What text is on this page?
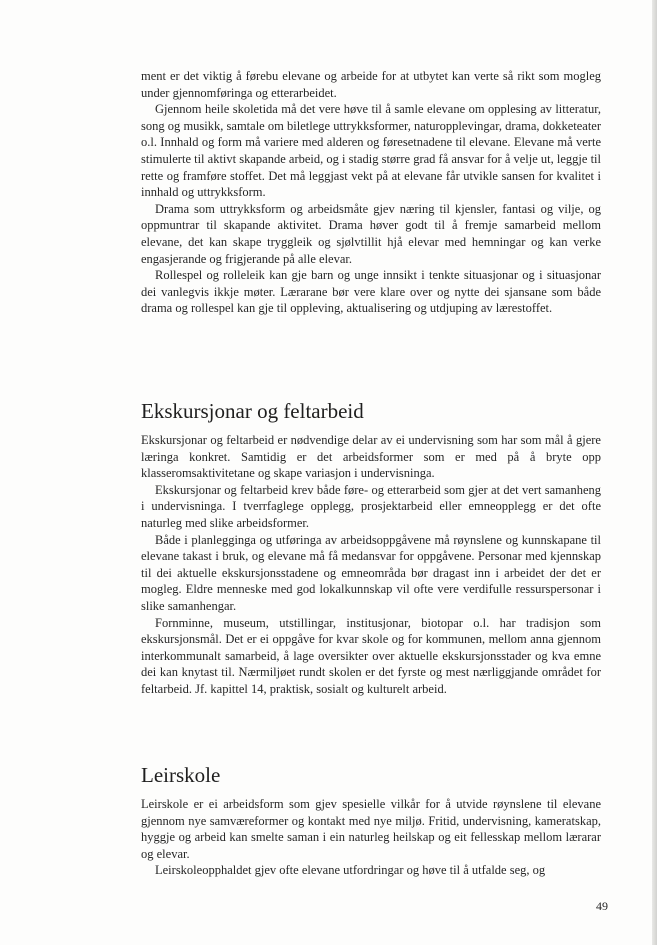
ment er det viktig å førebu elevane og arbeide for at utbytet kan verte så rikt som mogleg under gjennomføringa og etterarbeidet.

Gjennom heile skoletida må det vere høve til å samle elevane om opplesing av litteratur, song og musikk, samtale om biletlege uttrykksformer, naturopplevingar, drama, dokketeater o.l. Innhald og form må variere med alderen og føresetnadene til elevane. Elevane må verte stimulerte til aktivt skapande arbeid, og i stadig større grad få ansvar for å velje ut, leggje til rette og framføre stoffet. Det må leggjast vekt på at elevane får utvikle sansen for kvalitet i innhald og uttrykksform.

Drama som uttrykksform og arbeidsmåte gjev næring til kjensler, fantasi og vilje, og oppmuntrar til skapande aktivitet. Drama høver godt til å fremje samarbeid mellom elevane, det kan skape tryggleik og sjølvtillit hjå elevar med hemningar og kan verke engasjerande og frigjerande på alle elevar.

Rollespel og rolleleik kan gje barn og unge innsikt i tenkte situasjonar og i situasjonar dei vanlegvis ikkje møter. Lærarane bør vere klare over og nytte dei sjansane som både drama og rollespel kan gje til oppleving, aktualisering og utdjuping av lærestoffet.

Ekskursjonar og feltarbeid

Ekskursjonar og feltarbeid er nødvendige delar av ei undervisning som har som mål å gjere læringa konkret. Samtidig er det arbeidsformer som er med på å bryte opp klasseromsaktivitetane og skape variasjon i undervisninga.

Ekskursjonar og feltarbeid krev både føre- og etterarbeid som gjer at det vert samanheng i undervisninga. I tverrfaglege opplegg, prosjektarbeid eller emneopplegg er det ofte naturleg med slike arbeidsformer.

Både i planlegginga og utføringa av arbeidsoppgåvene må røynslene og kunnskapane til elevane takast i bruk, og elevane må få medansvar for oppgåvene. Personar med kjennskap til dei aktuelle ekskursjonsstadene og emneområda bør dragast inn i arbeidet der det er mogleg. Eldre menneske med god lokalkunnskap vil ofte vere verdifulle ressurspersonar i slike samanhengar.

Fornminne, museum, utstillingar, institusjonar, biotopar o.l. har tradisjon som ekskursjonsmål. Det er ei oppgåve for kvar skole og for kommunen, mellom anna gjennom interkommunalt samarbeid, å lage oversikter over aktuelle ekskursjonsstader og kva emne dei kan knytast til. Nærmiljøet rundt skolen er det fyrste og mest nærliggjande området for feltarbeid. Jf. kapittel 14, praktisk, sosialt og kulturelt arbeid.

Leirskole

Leirskole er ei arbeidsform som gjev spesielle vilkår for å utvide røynslene til elevane gjennom nye samværeformer og kontakt med nye miljø. Fritid, undervisning, kameratskap, hyggje og arbeid kan smelte saman i ein naturleg heilskap og eit fellesskap mellom lærarar og elevar.

Leirskoleopphaldet gjev ofte elevane utfordringar og høve til å utfalde seg, og

49
